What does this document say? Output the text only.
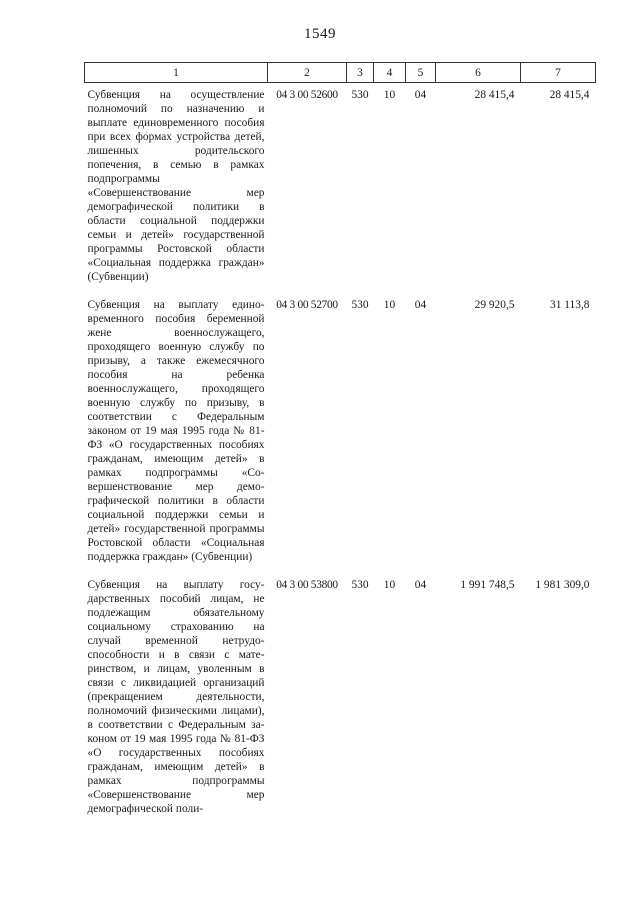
1549
1	2	3	4	5	6	7

Субвенция на осуществление полномочий по назначению и выплате единовременного пособия при всех формах устройства детей, лишенных родительского попечения, в семью в рамках подпрограммы «Совершенствование мер демографической политики в области социальной поддержки семьи и детей» государственной программы Ростовской области «Социальная поддержка граждан» (Субвенции)	04 3 00 52600	530	10	04	28 415,4	28 415,4

Субвенция на выплату единовременного пособия беременной жене военнослужащего, проходящего военную службу по призыву, а также ежемесячного пособия на ребенка военнослужащего, проходящего военную службу по призыву, в соответствии с Федеральным законом от 19 мая 1995 года № 81-ФЗ «О государственных пособиях гражданам, имеющим детей» в рамках подпрограммы «Совершенствование мер демографической политики в области социальной поддержки семьи и детей» государственной программы Ростовской области «Социальная поддержка граждан» (Субвенции)	04 3 00 52700	530	10	04	29 920,5	31 113,8

Субвенция на выплату государственных пособий лицам, не подлежащим обязательному социальному страхованию на случай временной нетрудоспособности и в связи с материнством, и лицам, уволенным в связи с ликвидацией организаций (прекращением деятельности, полномочий физическими лицами), в соответствии с Федеральным законом от 19 мая 1995 года № 81-ФЗ «О государственных пособиях гражданам, имеющим детей» в рамках подпрограммы «Совершенствование мер демографической поли-	04 3 00 53800	530	10	04	1 991 748,5	1 981 309,0
